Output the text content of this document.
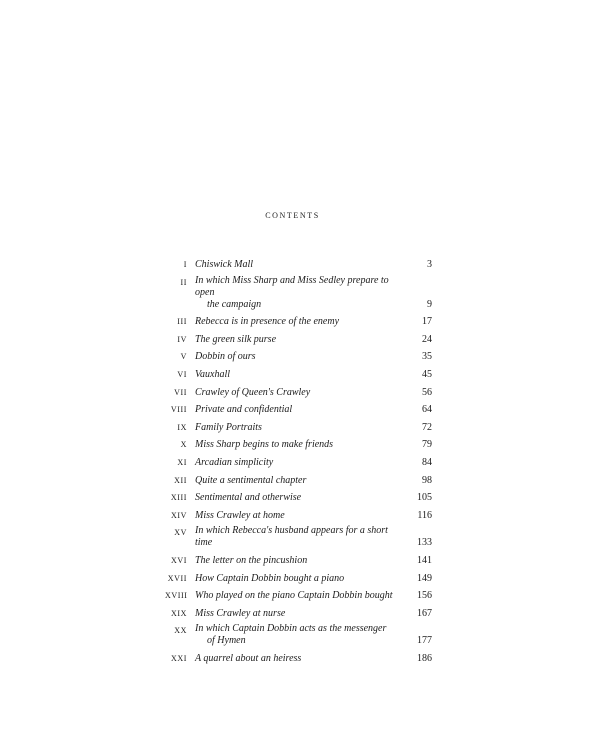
contents
I Chiswick Mall	3
II In which Miss Sharp and Miss Sedley prepare to open
the campaign	9
III Rebecca is in presence of the enemy	17
IV The green silk purse	24
V Dobbin of ours	35
VI Vauxhall	45
VII Crawley of Queen's Crawley	56
VIII Private and confidential	64
IX Family Portraits	72
X Miss Sharp begins to make friends	79
XI Arcadian simplicity	84
XII Quite a sentimental chapter	98
XIII Sentimental and otherwise	105
XIV Miss Crawley at home	116
XV In which Rebecca's husband appears for a short time	133
XVI The letter on the pincushion	141
XVII How Captain Dobbin bought a piano	149
XVIII Who played on the piano Captain Dobbin bought	156
XIX Miss Crawley at nurse	167
XX In which Captain Dobbin acts as the messenger
of Hymen	177
XXI A quarrel about an heiress	186
